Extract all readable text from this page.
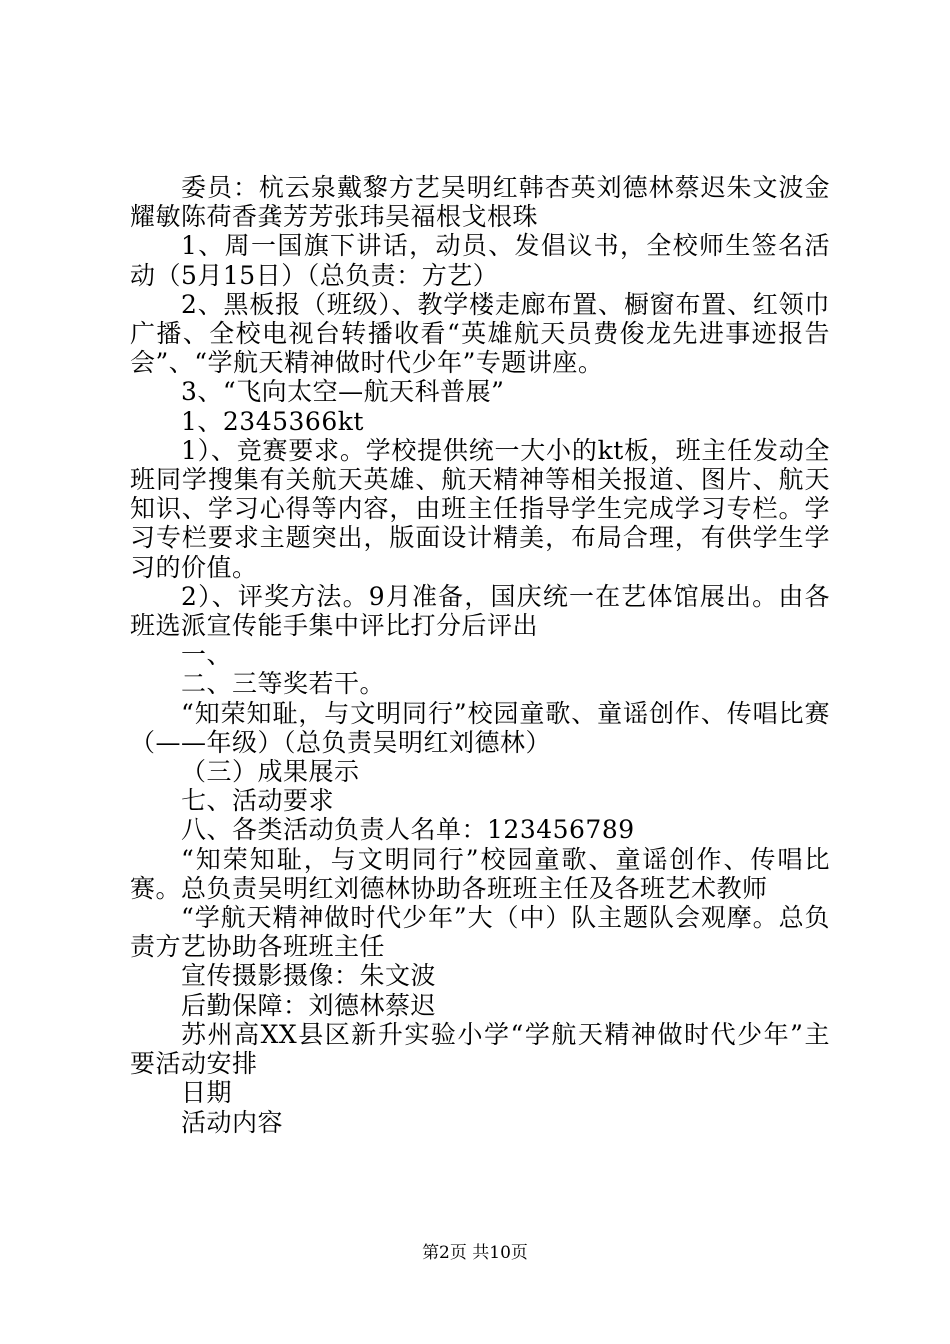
委员：杭云泉戴黎方艺吴明红韩杏英刘德林蔡迟朱文波金耀敏陈荷香龚芳芳张玮吴福根戈根珠

1、周一国旗下讲话，动员、发倡议书，全校师生签名活动（5月15日）（总负责：方艺）

2、黑板报（班级）、教学楼走廊布置、橱窗布置、红领巾广播、全校电视台转播收看“英雄航天员费俊龙先进事迹报告会”、“学航天精神做时代少年”专题讲座。

3、“飞向太空—航天科普展”

1、2345366kt

1）、竞赛要求。学校提供统一大小的kt板，班主任发动全班同学搜集有关航天英雄、航天精神等相关报道、图片、航天知识、学习心得等内容，由班主任指导学生完成学习专栏。学习专栏要求主题突出，版面设计精美，布局合理，有供学生学习的价值。

2）、评奖方法。9月准备，国庆统一在艺体馆展出。由各班选派宣传能手集中评比打分后评出

一、

二、三等奖若干。

“知荣知耻，与文明同行”校园童歌、童谣创作、传唱比赛（——年级）（总负责吴明红刘德林）

（三）成果展示

七、活动要求

八、各类活动负责人名单：123456789

“知荣知耻，与文明同行”校园童歌、童谣创作、传唱比赛。总负责吴明红刘德林协助各班班主任及各班艺术教师

“学航天精神做时代少年”大（中）队主题队会观摩。总负责方艺协助各班班主任

宣传摄影摄像：朱文波

后勤保障：刘德林蔡迟

苏州高XX县区新升实验小学“学航天精神做时代少年”主要活动安排

日期

活动内容

第2页 共10页
